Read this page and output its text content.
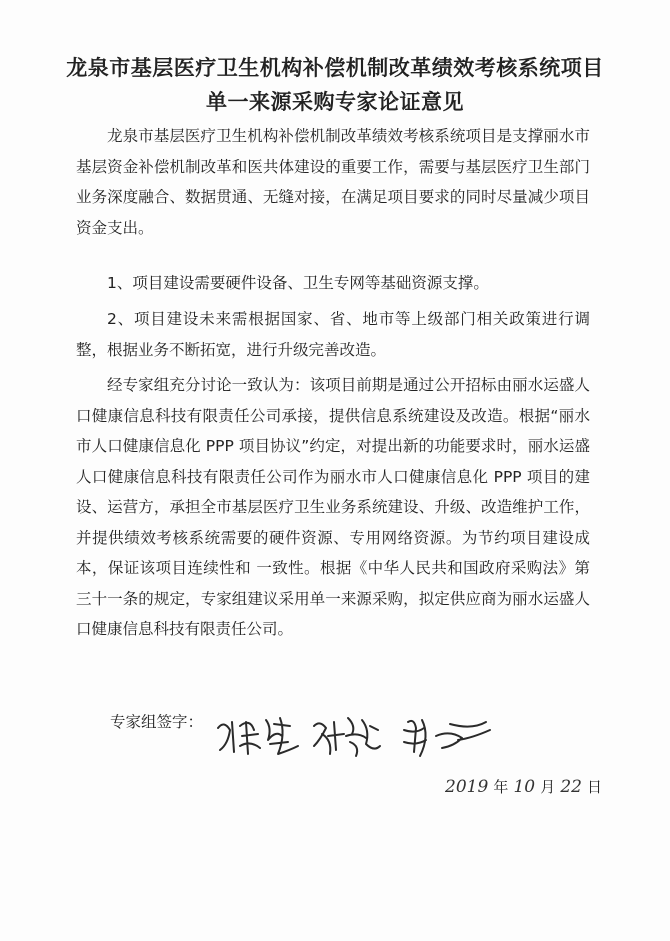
龙泉市基层医疗卫生机构补偿机制改革绩效考核系统项目
单一来源采购专家论证意见

龙泉市基层医疗卫生机构补偿机制改革绩效考核系统项目是支撑丽水市基层资金补偿机制改革和医共体建设的重要工作，需要与基层医疗卫生部门业务深度融合、数据贯通、无缝对接，在满足项目要求的同时尽量减少项目资金支出。

1、项目建设需要硬件设备、卫生专网等基础资源支撑。

2、项目建设未来需根据国家、省、地市等上级部门相关政策进行调整，根据业务不断拓宽，进行升级完善改造。

经专家组充分讨论一致认为：该项目前期是通过公开招标由丽水运盛人口健康信息科技有限责任公司承接，提供信息系统建设及改造。根据“丽水市人口健康信息化 PPP 项目协议”约定，对提出新的功能要求时，丽水运盛人口健康信息科技有限责任公司作为丽水市人口健康信息化 PPP 项目的建设、运营方，承担全市基层医疗卫生业务系统建设、升级、改造维护工作，并提供绩效考核系统需要的硬件资源、专用网络资源。为节约项目建设成本，保证该项目连续性和 一致性。根据《中华人民共和国政府采购法》第三十一条的规定，专家组建议采用单一来源采购，拟定供应商为丽水运盛人口健康信息科技有限责任公司。

专家组签字：
2019 年 10 月 22 日
